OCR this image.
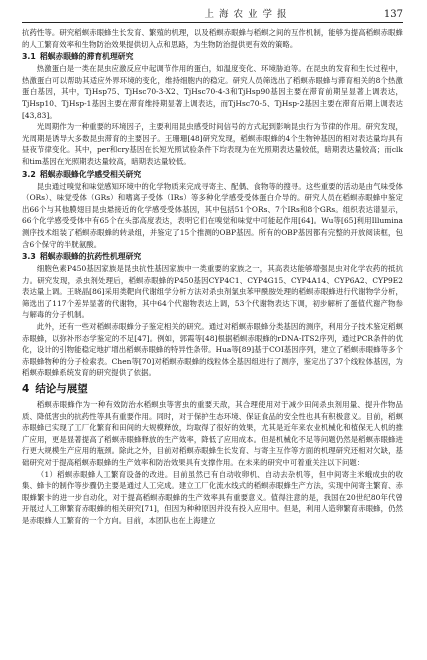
上海农业学报	137

抗药性等。研究稻螟赤眼蜂生长发育、繁殖的机理，以及稻螟赤眼蜂与稻螟之间的互作机制，能够为提高稻螟赤眼蜂的人工繁育效率和生物防治效果提供切入点和思路，为生物防治提供更有效的策略。

3.1 稻螟赤眼蜂的滞育机理研究

热激蛋白是一类在昆虫应激反应中起调节作用的蛋白，如温度变化、环境胁迫等。在昆虫的发育和生长过程中，热激蛋白可以帮助其适应外界环境的变化，维持细胞内的稳定。研究人员筛选出了稻螟赤眼蜂与滞育相关的8个热激蛋白基因，其中，TjHsp75、TjHsc70-3-X2、TjHsc70-4-3和TjHsp90基因主要在滞育前期呈显著上调表达，TjHsp10、TjHsp-1基因主要在滞育维持期显著上调表达，而TjHsc70-5、TjHsp-2基因主要在滞育后期上调表达[43,83]。

光周期作为一种重要的环境因子，主要利用昆虫感受时间信号的方式起到影响昆虫行为节律的作用。研究发现，光周期是诱导大多数昆虫滞育的主要因子。王珊珊[48]研究发现，稻螟赤眼蜂的4个生物钟基因的相对表达量均具有昼夜节律变化。其中，per和cry基因在长短光照试验条件下均表现为在光照期表达量较低，暗期表达量较高；而clk和tim基因在光照期表达量较高，暗期表达量较低。

3.2 稻螟赤眼蜂化学感受相关研究

昆虫通过嗅觉和味觉感知环境中的化学物质来完成寻寄主、配偶、食物等的搜寻。这些重要的活动是由气味受体（ORs）、味觉受体（GRs）和嗜离子受体（IRs）等多种化学感受受体蛋白介导的。研究人员在稻螟赤眼蜂中鉴定出66个与其他膜翅目昆虫悬接近的化学感受受体基因，其中包括51个ORs、7个IRs和8个GRs。组织表达谱显示，66个化学感受受体中有65个在头部高度表达，表明它们在嗅觉和味觉中可能起作用[64]。Wu等[65]利用Illumina测序技术组装了稻螟赤眼蜂的转录组，并鉴定了15个推测的OBP基因。所有的OBP基因都有完整的开放阅读框，包含6个保守的半胱氨酸。

3.3 稻螟赤眼蜂的抗药性机理研究

细胞色素P450基因家族是昆虫抗性基因家族中一类重要的家族之一，其高表达能够增强昆虫对化学农药的抵抗力。研究发现，杀虫剂处理后，稻螟赤眼蜂的P450基因CYP4C1、CYP4G15、CYP4A14、CYP6A2、CYP9E2表达量上调。王晓晶[86]采用类靶向代谢组学分析方法对杀虫剂氯虫苯甲酰胺处理的稻螟赤眼蜂进行代谢物学分析，筛选出了117个差异显著的代谢物，其中64个代谢物表达上调，53个代谢物表达下调，初步解析了蛋值代谢产物参与解毒的分子机制。

此外，还有一些对稻螟赤眼蜂分子鉴定相关的研究。通过对稻螟赤眼蜂分类基因的测序，利用分子技术鉴定稻螟赤眼蜂，以弥补形态学鉴定的不足[47]。例如，郭霞等[48]根据稻螟赤眼蜂的rDNA-ITS2序列，通过PCR条件的优化，设计的引物能稳定地扩增出稻螟赤眼蜂的特异性条带。Hua等[89]基于COI基因序列，建立了稻螟赤眼蜂等多个赤眼蜂物种的分子检索表。Chen等[70]对稻螟赤眼蜂的线粒体全基因组进行了测序，鉴定出了37个线粒体基因，为稻螟赤眼蜂系统发育的研究提供了依据。

4 结论与展望

稻螟赤眼蜂作为一种有效防治水稻螟虫等害虫的重要天敌，其合理使用对于减少田间杀虫剂用量、提升作物品质、降低害虫的抗药性等具有重要作用。同时，对于保护生态环境、保证食品的安全性也具有积极意义。目前，稻螟赤眼蜂已实现了工厂化繁育和田间的大规模释放，均取得了很好的效果，尤其是近年来农业机械化和植保无人机的推广应用，更是显著提高了稻螟赤眼蜂释放的生产效率，降低了应用成本。但是机械化不足等问题仍然是稻螟赤眼蜂进行更大规模生产应用的瓶颈。除此之外，目前对稻螟赤眼蜂生长发育、与寄主互作等方面的机理研究还相对欠缺，基础研究对于提高稻螟赤眼蜂的生产效率和防治效果具有支撑作用。在未来的研究中可着重关注以下问题：

（1）稻螟赤眼蜂人工繁育设备的改进。目前虽然已有自动收卵机、自动去杂机等，但中间寄主米蛾成虫的收集、蜂卡的制作等步骤仍主要是通过人工完成。建立工厂化流水线式的稻螟赤眼蜂生产方法，实现中间寄主繁育、赤眼蜂繁卡的进一步自动化，对于提高稻螟赤眼蜂的生产效率具有重要意义。值得注意的是，我国在20世纪80年代曾开展过人工卵繁育赤眼蜂的相关研究[71]，但因为种种原因并没有投入应用中。但是，利用人造卵繁育赤眼蜂，仍然是赤眼蜂人工繁育的一个方向。目前，本团队也在上海建立
